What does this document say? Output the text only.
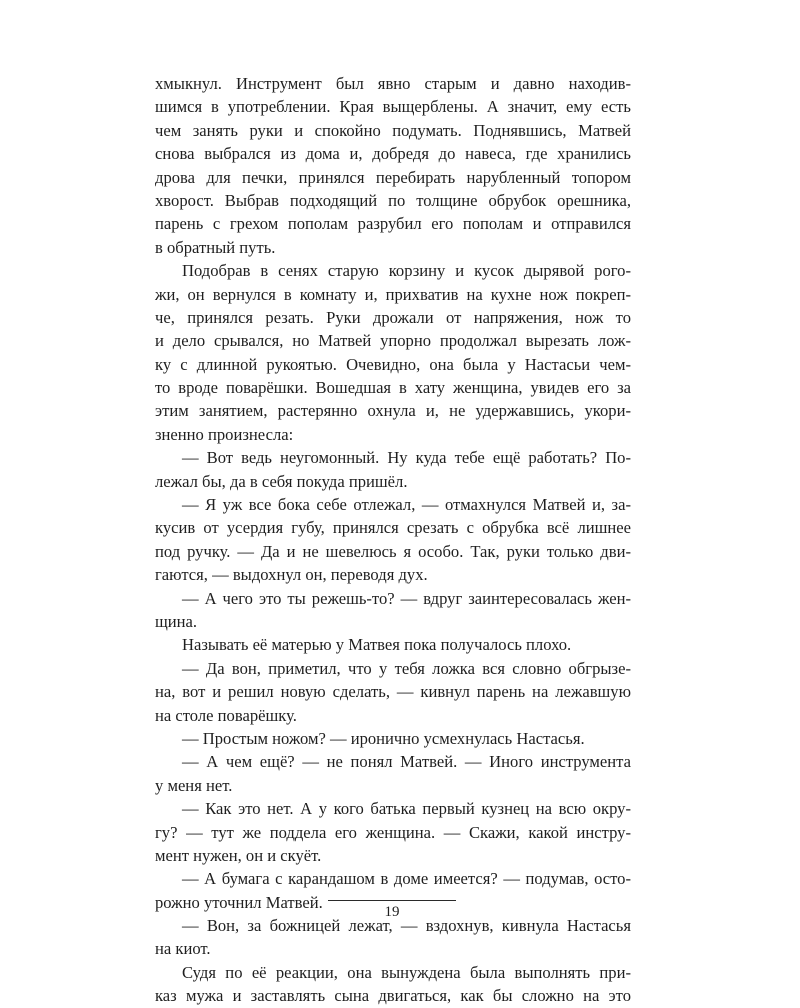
хмыкнул. Инструмент был явно старым и давно находив-
шимся в употреблении. Края выщерблены. А значит, ему есть
чем занять руки и спокойно подумать. Поднявшись, Матвей
снова выбрался из дома и, добредя до навеса, где хранились
дрова для печки, принялся перебирать нарубленный топором
хворост. Выбрав подходящий по толщине обрубок орешника,
парень с грехом пополам разрубил его пополам и отправился
в обратный путь.
Подобрав в сенях старую корзину и кусок дырявой рого-
жи, он вернулся в комнату и, прихватив на кухне нож покреп-
че, принялся резать. Руки дрожали от напряжения, нож то
и дело срывался, но Матвей упорно продолжал вырезать лож-
ку с длинной рукоятью. Очевидно, она была у Настасьи чем-
то вроде поварёшки. Вошедшая в хату женщина, увидев его за
этим занятием, растерянно охнула и, не удержавшись, укори-
зненно произнесла:
— Вот ведь неугомонный. Ну куда тебе ещё работать? По-
лежал бы, да в себя покуда пришёл.
— Я уж все бока себе отлежал, — отмахнулся Матвей и, за-
кусив от усердия губу, принялся срезать с обрубка всё лишнее
под ручку. — Да и не шевелюсь я особо. Так, руки только дви-
гаются, — выдохнул он, переводя дух.
— А чего это ты режешь-то? — вдруг заинтересовалась жен-
щина.
Называть её матерью у Матвея пока получалось плохо.
— Да вон, приметил, что у тебя ложка вся словно обгрызе-
на, вот и решил новую сделать, — кивнул парень на лежавшую
на столе поварёшку.
— Простым ножом? — иронично усмехнулась Настасья.
— А чем ещё? — не понял Матвей. — Иного инструмента
у меня нет.
— Как это нет. А у кого батька первый кузнец на всю окру-
гу? — тут же поддела его женщина. — Скажи, какой инстру-
мент нужен, он и скуёт.
— А бумага с карандашом в доме имеется? — подумав, осто-
рожно уточнил Матвей.
— Вон, за божницей лежат, — вздохнув, кивнула Настасья
на киот.
Судя по её реакции, она вынуждена была выполнять при-
каз мужа и заставлять сына двигаться, как бы сложно на это
19
